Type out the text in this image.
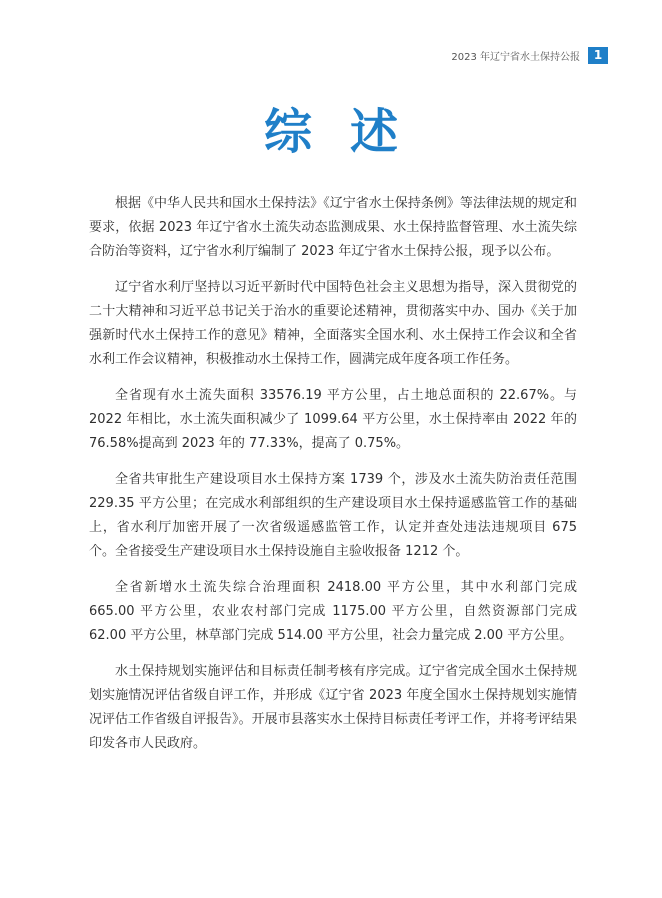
2023 年辽宁省水土保持公报	1
综述

根据《中华人民共和国水土保持法》《辽宁省水土保持条例》等法律法规的规定和要求，依据 2023 年辽宁省水土流失动态监测成果、水土保持监督管理、水土流失综合防治等资料，辽宁省水利厅编制了 2023 年辽宁省水土保持公报，现予以公布。

辽宁省水利厅坚持以习近平新时代中国特色社会主义思想为指导，深入贯彻党的二十大精神和习近平总书记关于治水的重要论述精神，贯彻落实中办、国办《关于加强新时代水土保持工作的意见》精神，全面落实全国水利、水土保持工作会议和全省水利工作会议精神，积极推动水土保持工作，圆满完成年度各项工作任务。

全省现有水土流失面积 33576.19 平方公里，占土地总面积的 22.67%。与 2022 年相比，水土流失面积减少了 1099.64 平方公里，水土保持率由 2022 年的 76.58%提高到 2023 年的 77.33%，提高了 0.75%。

全省共审批生产建设项目水土保持方案 1739 个，涉及水土流失防治责任范围 229.35 平方公里；在完成水利部组织的生产建设项目水土保持遥感监管工作的基础上，省水利厅加密开展了一次省级遥感监管工作，认定并查处违法违规项目 675 个。全省接受生产建设项目水土保持设施自主验收报备 1212 个。

全省新增水土流失综合治理面积 2418.00 平方公里，其中水利部门完成 665.00 平方公里，农业农村部门完成 1175.00 平方公里，自然资源部门完成 62.00 平方公里，林草部门完成 514.00 平方公里，社会力量完成 2.00 平方公里。

水土保持规划实施评估和目标责任制考核有序完成。辽宁省完成全国水土保持规划实施情况评估省级自评工作，并形成《辽宁省 2023 年度全国水土保持规划实施情况评估工作省级自评报告》。开展市县落实水土保持目标责任考评工作，并将考评结果印发各市人民政府。
